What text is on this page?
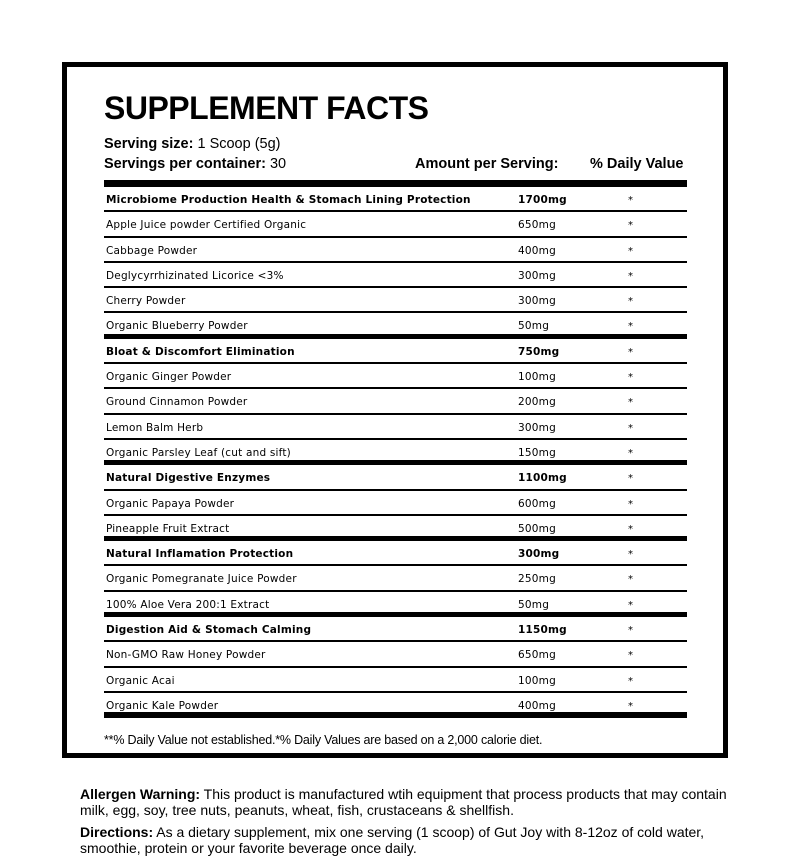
SUPPLEMENT FACTS
Serving size: 1 Scoop (5g)
Servings per container: 30	Amount per Serving: % Daily Value
Microbiome Production Health & Stomach Lining Protection	1700mg	*
Apple Juice powder Certified Organic	650mg	*
Cabbage Powder	400mg	*
Deglycyrrhizinated Licorice <3%	300mg	*
Cherry Powder	300mg	*
Organic Blueberry Powder	50mg	*
Bloat & Discomfort Elimination	750mg	*
Organic Ginger Powder	100mg	*
Ground Cinnamon Powder	200mg	*
Lemon Balm Herb	300mg	*
Organic Parsley Leaf (cut and sift)	150mg	*
Natural Digestive Enzymes	1100mg	*
Organic Papaya Powder	600mg	*
Pineapple Fruit Extract	500mg	*
Natural Inflamation Protection	300mg	*
Organic Pomegranate Juice Powder	250mg	*
100% Aloe Vera 200:1 Extract	50mg	*
Digestion Aid & Stomach Calming	1150mg	*
Non-GMO Raw Honey Powder	650mg	*
Organic Acai	100mg	*
Organic Kale Powder	400mg	*
**% Daily Value not established.*% Daily Values are based on a 2,000 calorie diet.
Allergen Warning: This product is manufactured wtih equipment that process products that may contain milk, egg, soy, tree nuts, peanuts, wheat, fish, crustaceans & shellfish.
Directions: As a dietary supplement, mix one serving (1 scoop) of Gut Joy with 8-12oz of cold water, smoothie, protein or your favorite beverage once daily.
